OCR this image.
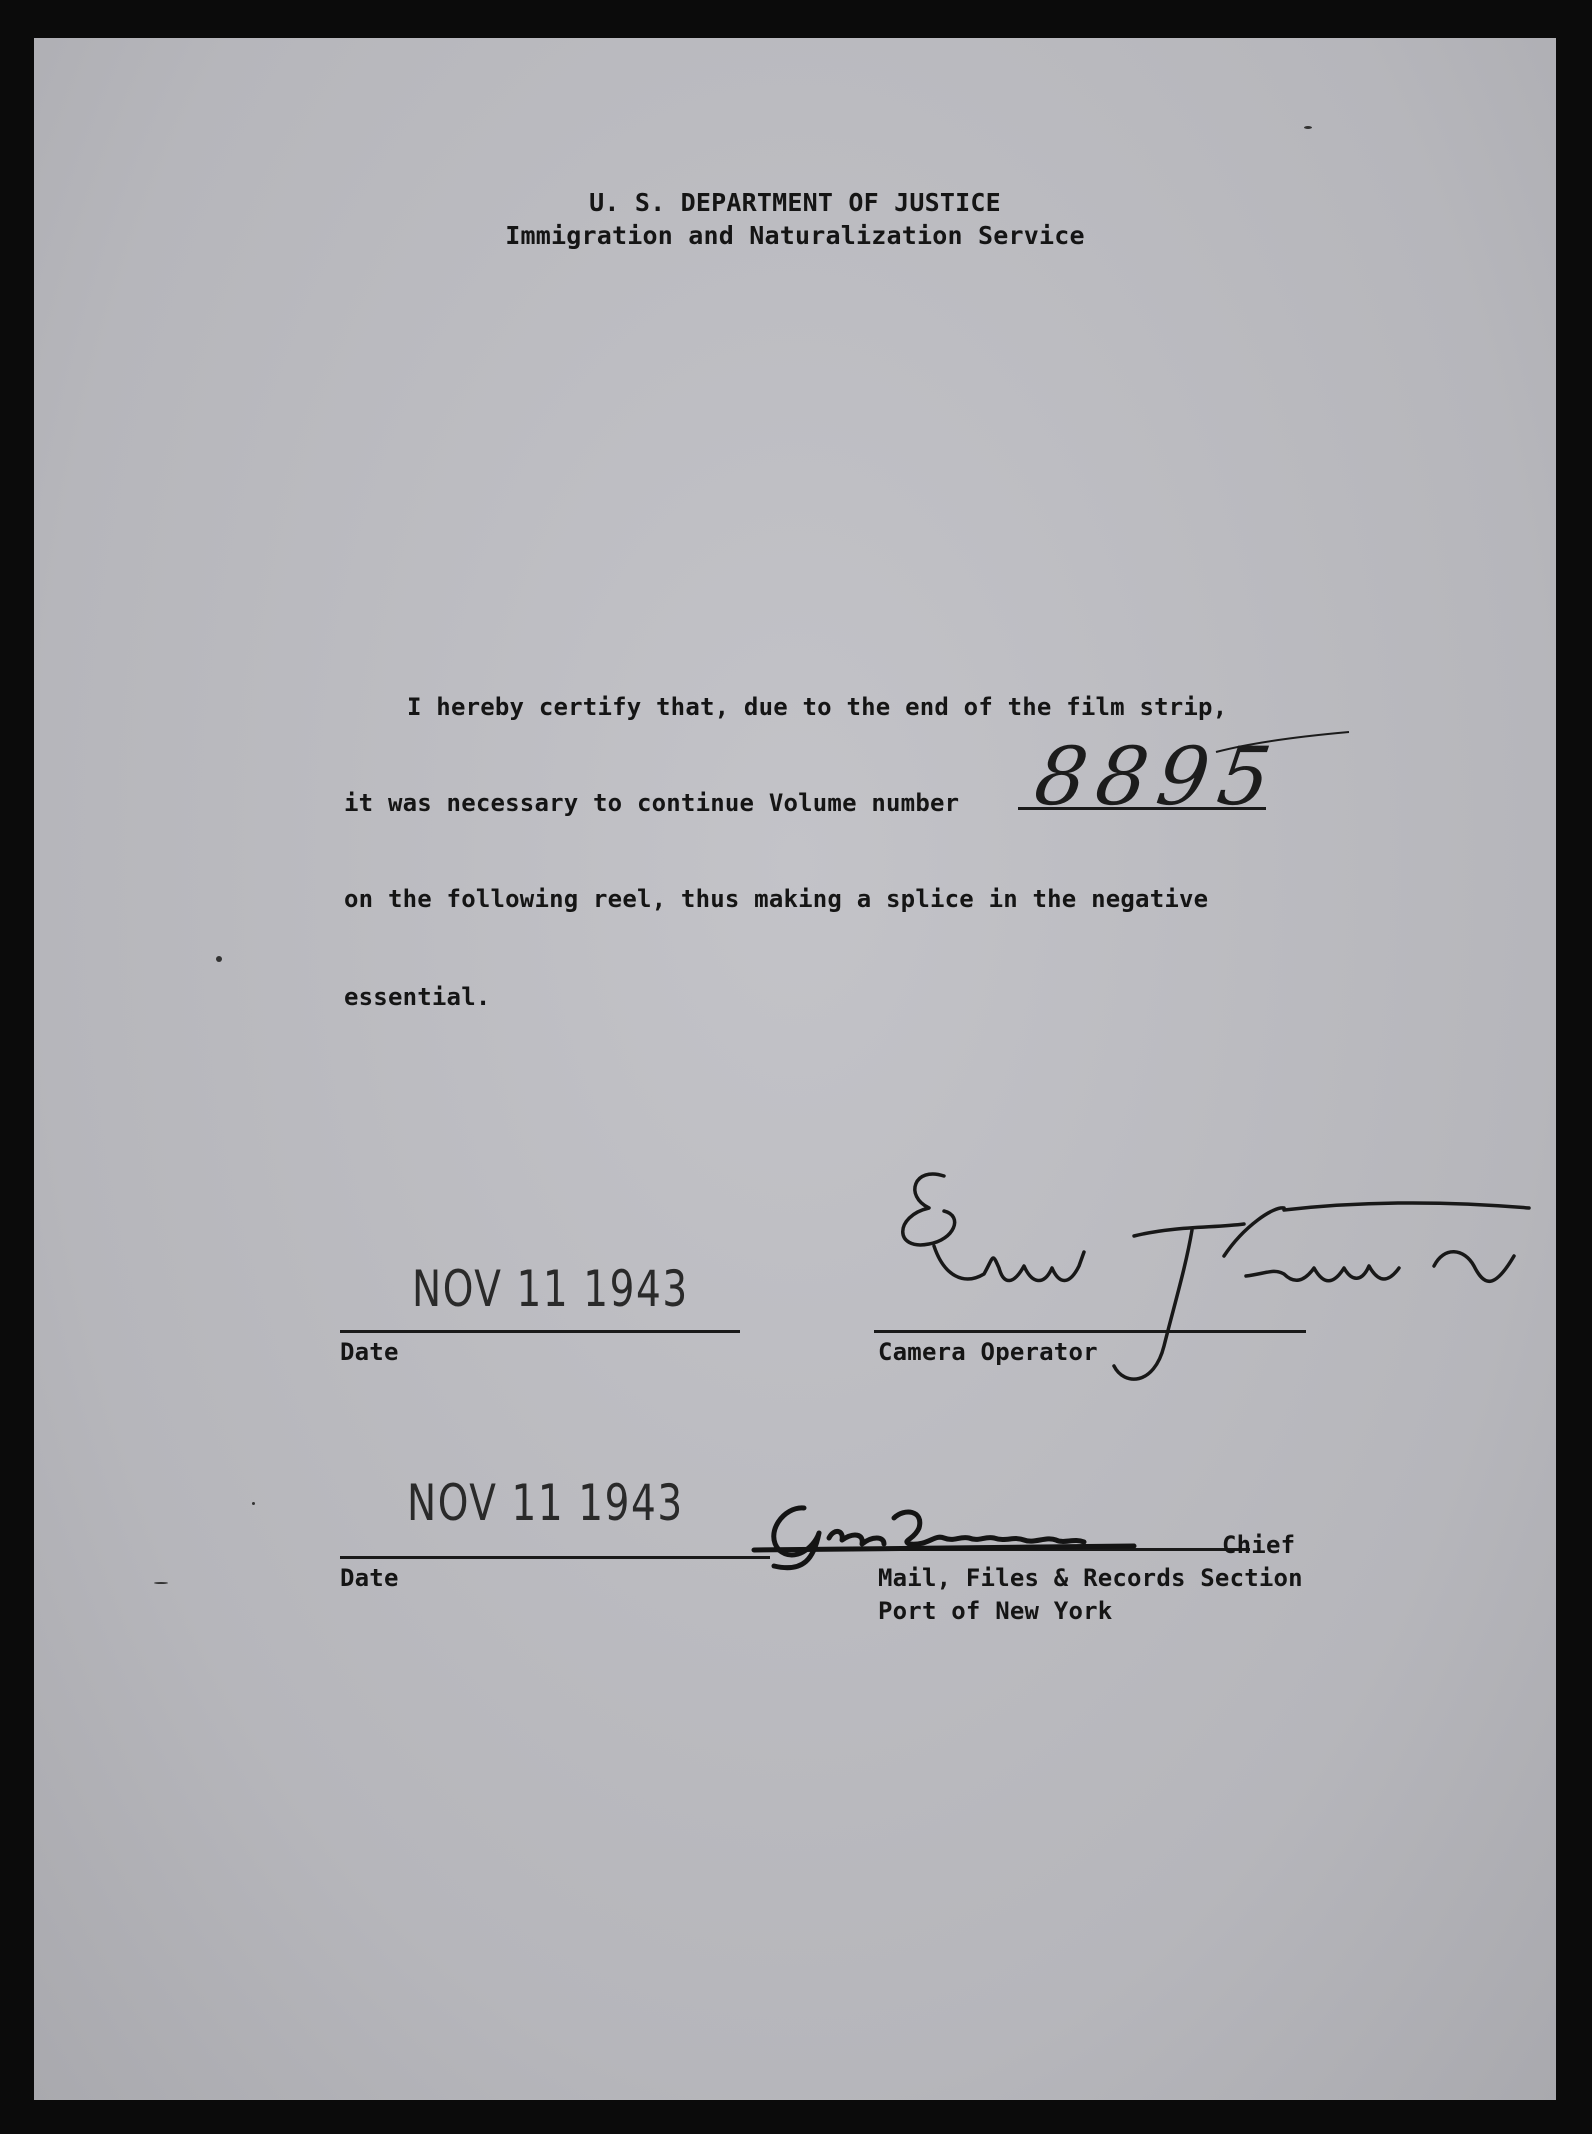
U. S. DEPARTMENT OF JUSTICE
Immigration and Naturalization Service
I hereby certify that, due to the end of the film strip,
it was necessary to continue Volume number 8895
on the following reel, thus making a splice in the negative
essential.
NOV 11 1943
Date	Camera Operator
NOV 11 1943
Date
Chief
Mail, Files & Records Section
Port of New York
